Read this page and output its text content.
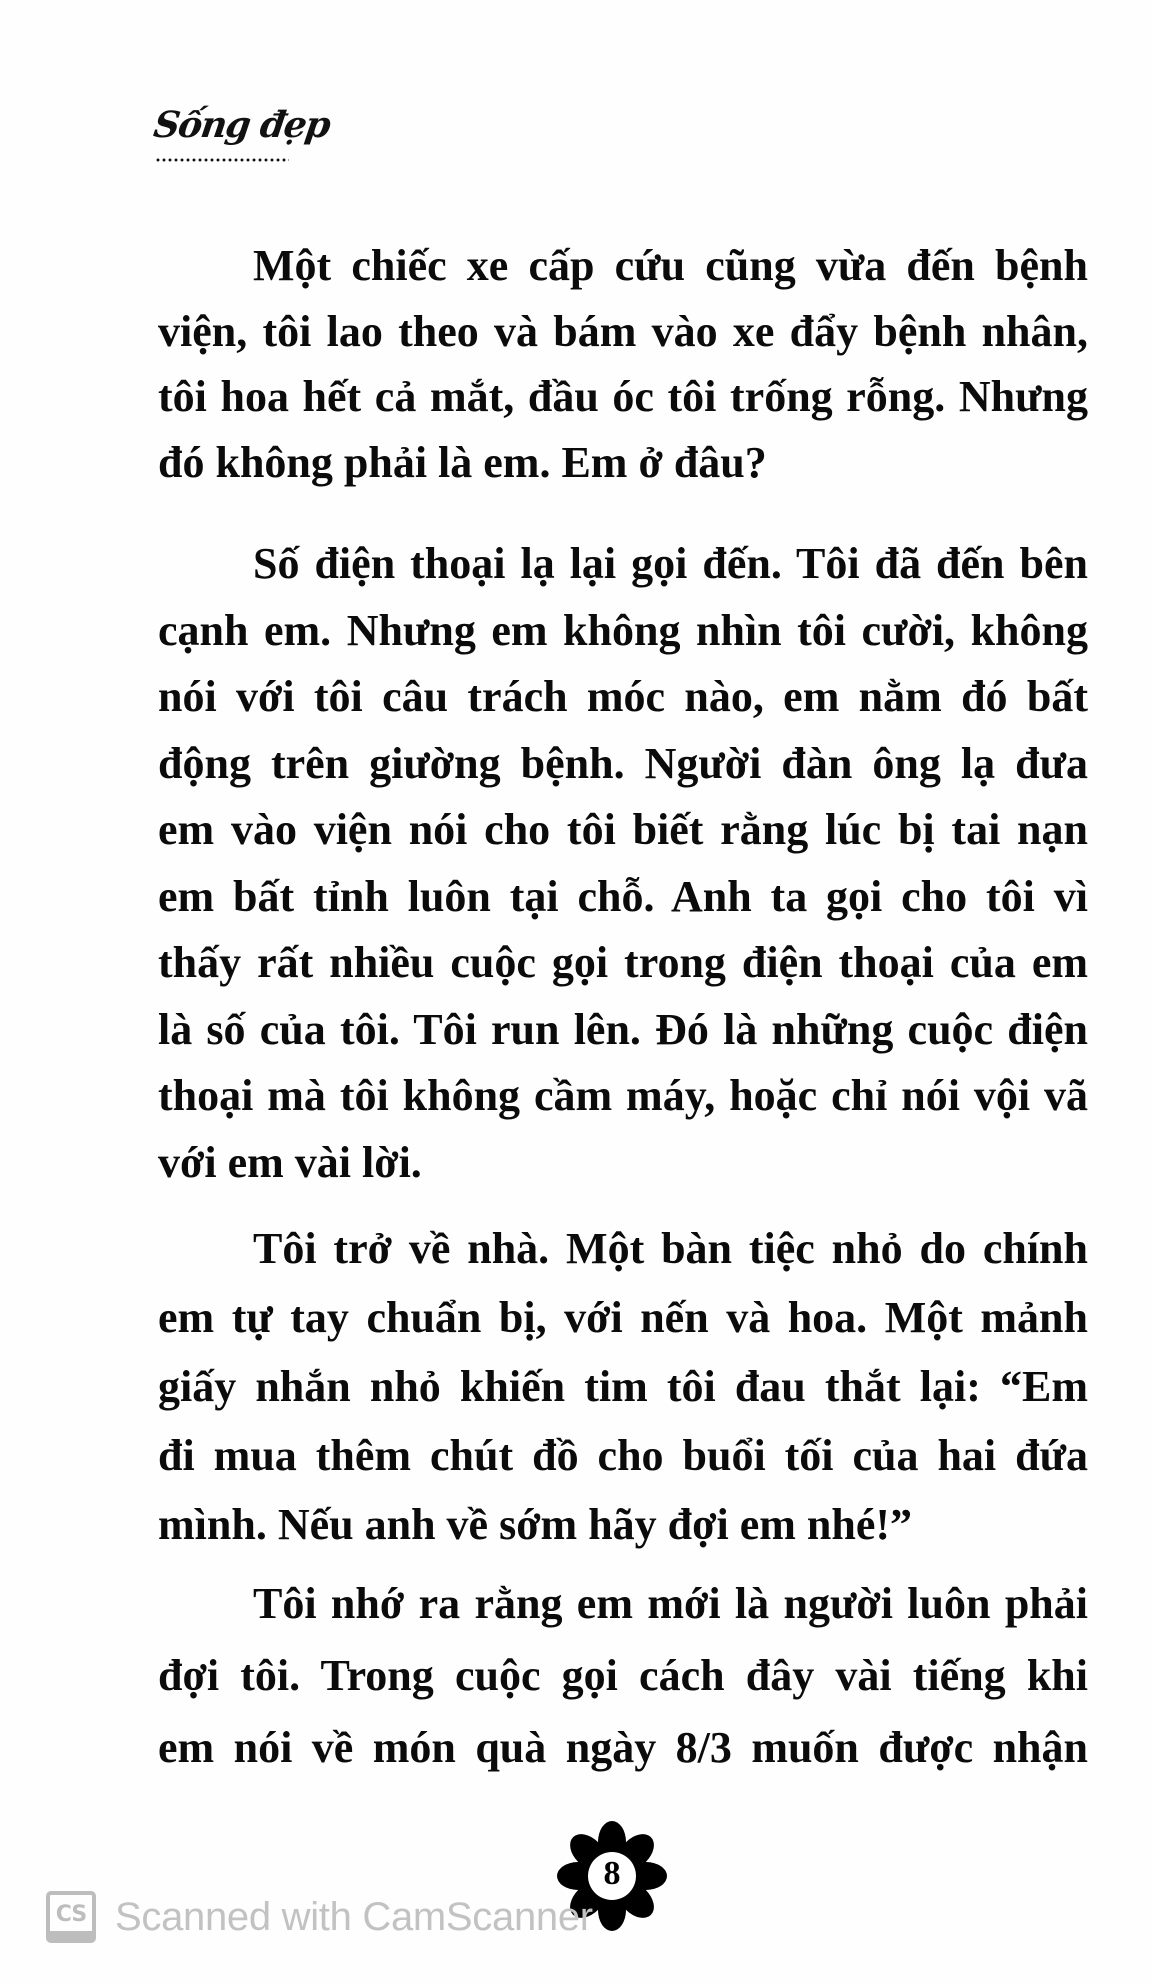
Sống đẹp
Một chiếc xe cấp cứu cũng vừa đến bệnh
viện, tôi lao theo và bám vào xe đẩy bệnh nhân,
tôi hoa hết cả mắt, đầu óc tôi trống rỗng. Nhưng
đó không phải là em. Em ở đâu?
Số điện thoại lạ lại gọi đến. Tôi đã đến bên
cạnh em. Nhưng em không nhìn tôi cười, không
nói với tôi câu trách móc nào, em nằm đó bất
động trên giường bệnh. Người đàn ông lạ đưa
em vào viện nói cho tôi biết rằng lúc bị tai nạn
em bất tỉnh luôn tại chỗ. Anh ta gọi cho tôi vì
thấy rất nhiều cuộc gọi trong điện thoại của em
là số của tôi. Tôi run lên. Đó là những cuộc điện
thoại mà tôi không cầm máy, hoặc chỉ nói vội vã
với em vài lời.
Tôi trở về nhà. Một bàn tiệc nhỏ do chính
em tự tay chuẩn bị, với nến và hoa. Một mảnh
giấy nhắn nhỏ khiến tim tôi đau thắt lại: “Em
đi mua thêm chút đồ cho buổi tối của hai đứa
mình. Nếu anh về sớm hãy đợi em nhé!”
Tôi nhớ ra rằng em mới là người luôn phải
đợi tôi. Trong cuộc gọi cách đây vài tiếng khi
em nói về món quà ngày 8/3 muốn được nhận
8
CS Scanned with CamScanner
